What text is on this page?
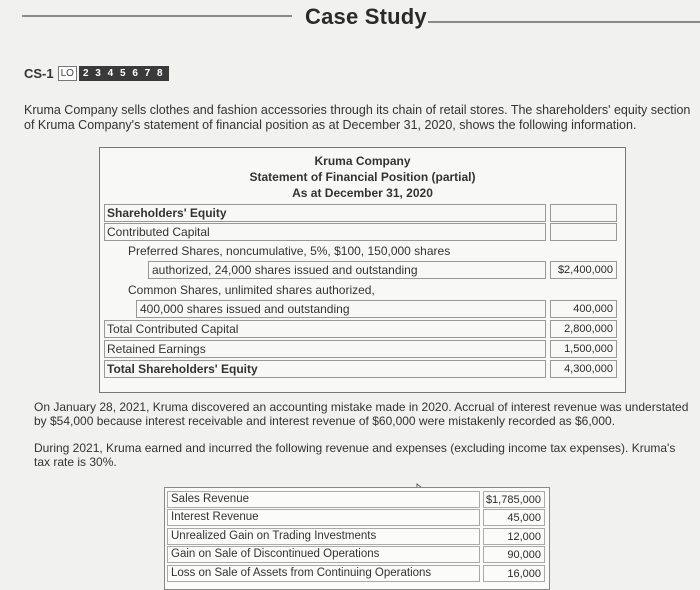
Case Study
CS-1 LO 2 3 4 5 6 7 8

Kruma Company sells clothes and fashion accessories through its chain of retail stores. The shareholders' equity section of Kruma Company's statement of financial position as at December 31, 2020, shows the following information.

Kruma Company
Statement of Financial Position (partial)
As at December 31, 2020
Shareholders' Equity
Contributed Capital
Preferred Shares, noncumulative, 5%, $100, 150,000 shares
authorized, 24,000 shares issued and outstanding	$2,400,000
Common Shares, unlimited shares authorized,
400,000 shares issued and outstanding	400,000
Total Contributed Capital	2,800,000
Retained Earnings	1,500,000
Total Shareholders' Equity	4,300,000

On January 28, 2021, Kruma discovered an accounting mistake made in 2020. Accrual of interest revenue was understated by $54,000 because interest receivable and interest revenue of $60,000 were mistakenly recorded as $6,000.

During 2021, Kruma earned and incurred the following revenue and expenses (excluding income tax expenses). Kruma's tax rate is 30%.

Sales Revenue	$1,785,000
Interest Revenue	45,000
Unrealized Gain on Trading Investments	12,000
Gain on Sale of Discontinued Operations	90,000
Loss on Sale of Assets from Continuing Operations	16,000
